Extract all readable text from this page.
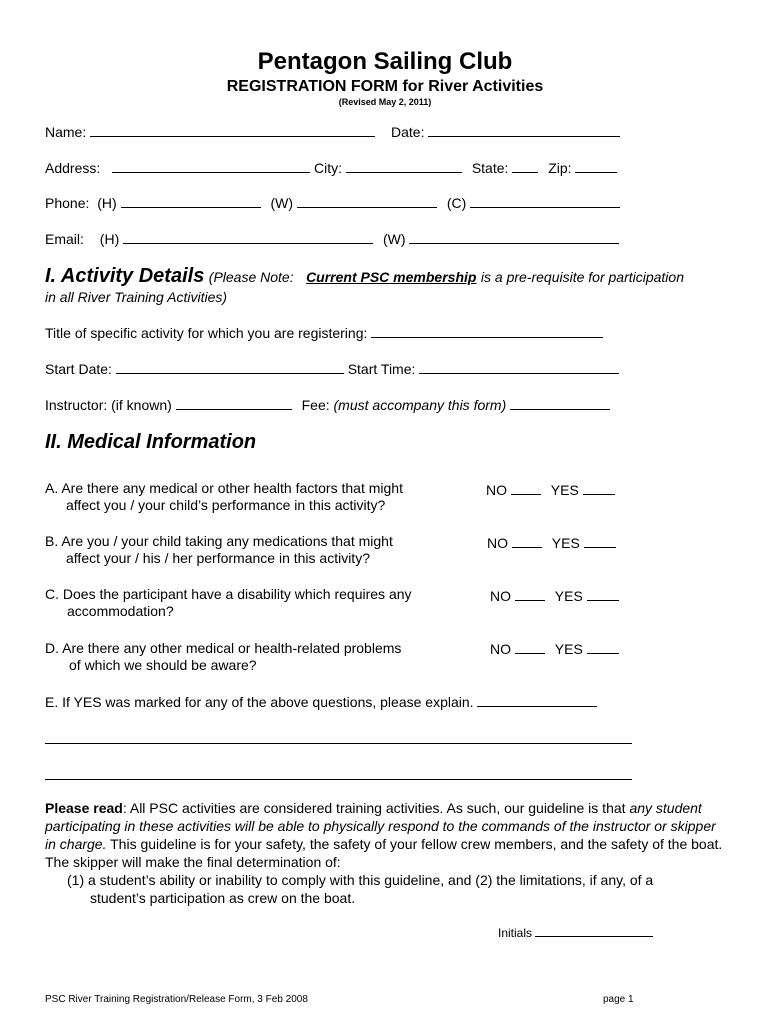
Pentagon Sailing Club
REGISTRATION FORM for River Activities
(Revised May 2, 2011)
Name:	Date:
Address:	City:	State:	Zip:
Phone: (H)	(W)	(C)
Email: (H)	(W)
I. Activity Details (Please Note: Current PSC membership is a pre-requisite for participation
in all River Training Activities)
Title of specific activity for which you are registering:
Start Date:	Start Time:
Instructor: (if known)	Fee: (must accompany this form)
II. Medical Information
A. Are there any medical or other health factors that might
affect you / your child’s performance in this activity?
NO	YES
B. Are you / your child taking any medications that might
affect your / his / her performance in this activity?
NO	YES
C. Does the participant have a disability which requires any
accommodation?
NO	YES
D. Are there any other medical or health-related problems
of which we should be aware?
NO	YES
E. If YES was marked for any of the above questions, please explain.
Please read: All PSC activities are considered training activities. As such, our guideline is that any student participating in these activities will be able to physically respond to the commands of the instructor or skipper in charge. This guideline is for your safety, the safety of your fellow crew members, and the safety of the boat. The skipper will make the final determination of:
(1) a student’s ability or inability to comply with this guideline, and (2) the limitations, if any, of a
student’s participation as crew on the boat.
Initials
PSC River Training Registration/Release Form, 3 Feb 2008	page 1
